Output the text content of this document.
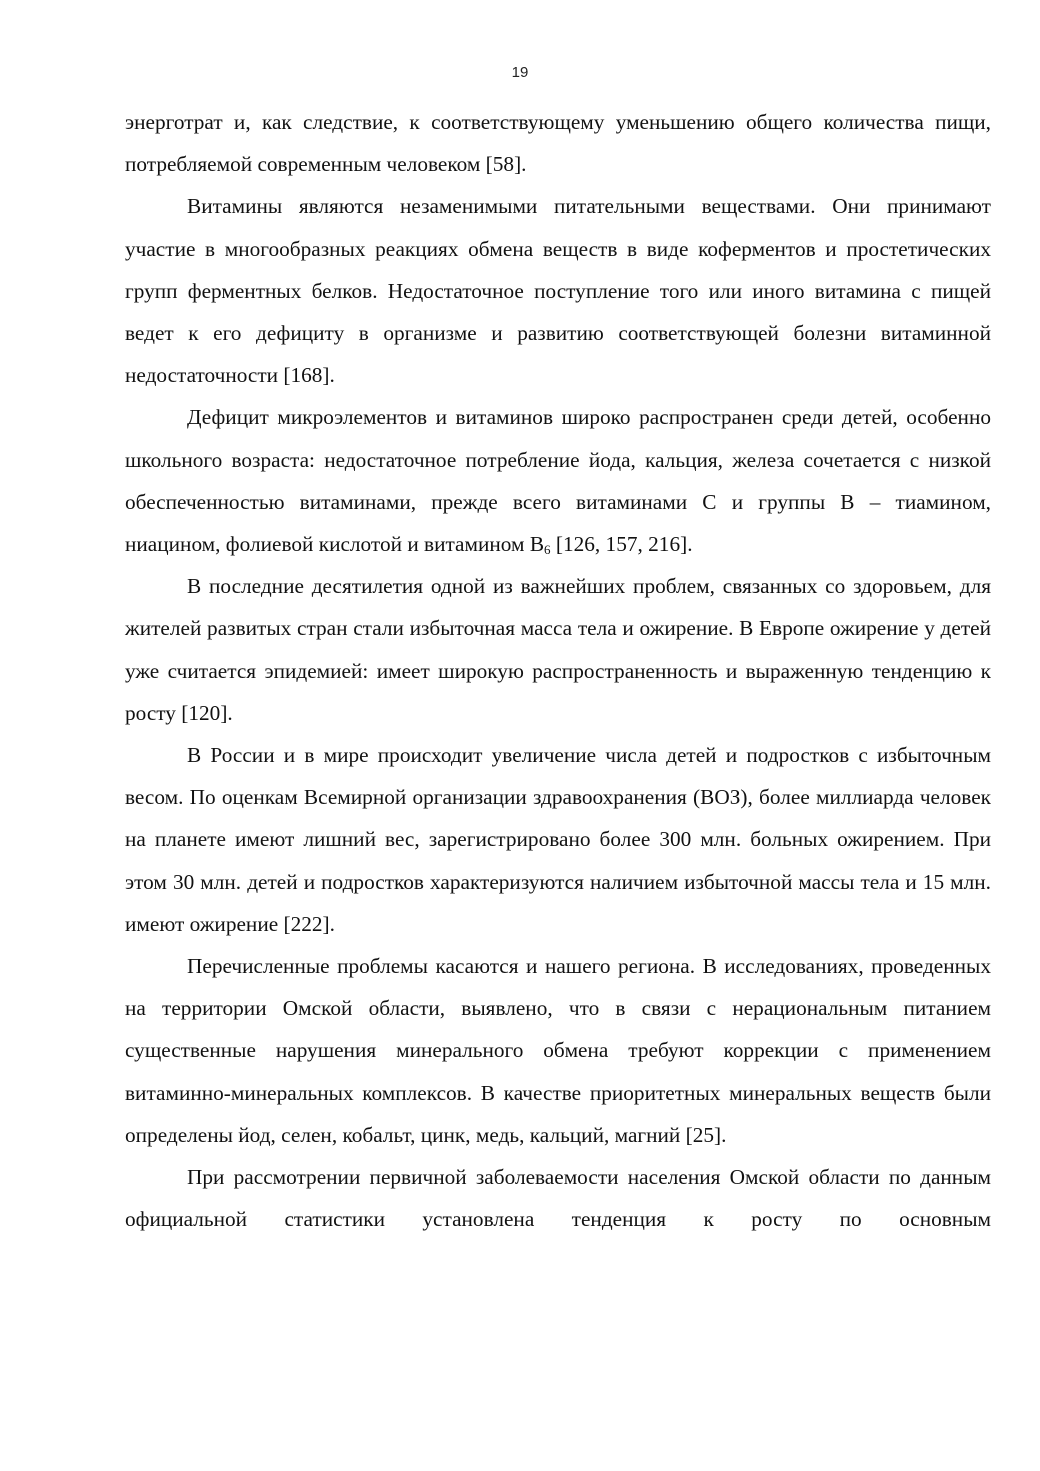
19

энерготрат и, как следствие, к соответствующему уменьшению общего количества пищи, потребляемой современным человеком [58].

Витамины являются незаменимыми питательными веществами. Они принимают участие в многообразных реакциях обмена веществ в виде коферментов и простетических групп ферментных белков. Недостаточное поступление того или иного витамина с пищей ведет к его дефициту в организме и развитию соответствующей болезни витаминной недостаточности [168].

Дефицит микроэлементов и витаминов широко распространен среди детей, особенно школьного возраста: недостаточное потребление йода, кальция, железа сочетается с низкой обеспеченностью витаминами, прежде всего витаминами С и группы В – тиамином, ниацином, фолиевой кислотой и витамином $В_6$ [126, 157, 216].

В последние десятилетия одной из важнейших проблем, связанных со здоровьем, для жителей развитых стран стали избыточная масса тела и ожирение. В Европе ожирение у детей уже считается эпидемией: имеет широкую распространенность и выраженную тенденцию к росту [120].

В России и в мире происходит увеличение числа детей и подростков с избыточным весом. По оценкам Всемирной организации здравоохранения (ВОЗ), более миллиарда человек на планете имеют лишний вес, зарегистрировано более 300 млн. больных ожирением. При этом 30 млн. детей и подростков характеризуются наличием избыточной массы тела и 15 млн. имеют ожирение [222].

Перечисленные проблемы касаются и нашего региона. В исследованиях, проведенных на территории Омской области, выявлено, что в связи с нерациональным питанием существенные нарушения минерального обмена требуют коррекции с применением витаминно-минеральных комплексов. В качестве приоритетных минеральных веществ были определены йод, селен, кобальт, цинк, медь, кальций, магний [25].

При рассмотрении первичной заболеваемости населения Омской области по данным официальной статистики установлена тенденция к росту по основным
